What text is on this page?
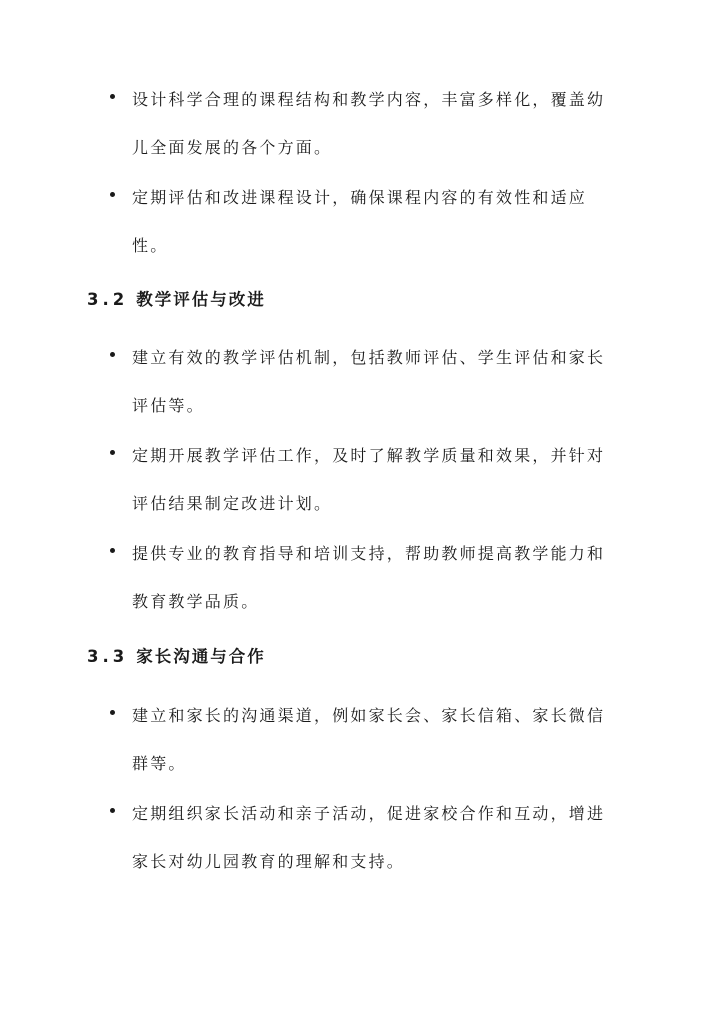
设计科学合理的课程结构和教学内容，丰富多样化，覆盖幼儿全面发展的各个方面。
定期评估和改进课程设计，确保课程内容的有效性和适应性。
3.2 教学评估与改进
建立有效的教学评估机制，包括教师评估、学生评估和家长评估等。
定期开展教学评估工作，及时了解教学质量和效果，并针对评估结果制定改进计划。
提供专业的教育指导和培训支持，帮助教师提高教学能力和教育教学品质。
3.3 家长沟通与合作
建立和家长的沟通渠道，例如家长会、家长信箱、家长微信群等。
定期组织家长活动和亲子活动，促进家校合作和互动，增进家长对幼儿园教育的理解和支持。
